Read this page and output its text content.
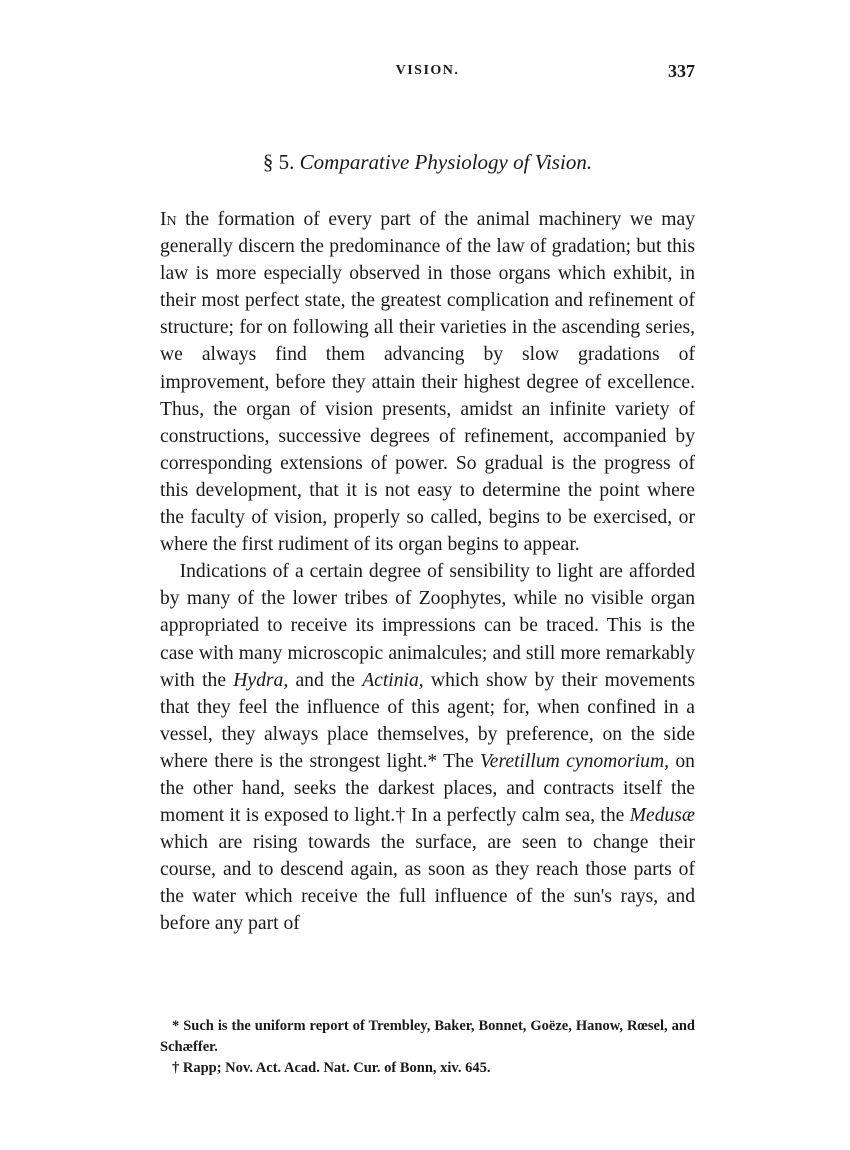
VISION.	337
§ 5. Comparative Physiology of Vision.

In the formation of every part of the animal machinery we may generally discern the predominance of the law of gradation; but this law is more especially observed in those organs which exhibit, in their most perfect state, the greatest complication and refinement of structure; for on following all their varieties in the ascending series, we always find them advancing by slow gradations of improvement, before they attain their highest degree of excellence. Thus, the organ of vision presents, amidst an infinite variety of constructions, successive degrees of refinement, accompanied by corresponding extensions of power. So gradual is the progress of this development, that it is not easy to determine the point where the faculty of vision, properly so called, begins to be exercised, or where the first rudiment of its organ begins to appear.

 Indications of a certain degree of sensibility to light are afforded by many of the lower tribes of Zoophytes, while no visible organ appropriated to receive its impressions can be traced. This is the case with many microscopic animalcules; and still more remarkably with the Hydra, and the Actinia, which show by their movements that they feel the influence of this agent; for, when confined in a vessel, they always place themselves, by preference, on the side where there is the strongest light.* The Veretillum cynomorium, on the other hand, seeks the darkest places, and contracts itself the moment it is exposed to light.† In a perfectly calm sea, the Medusæ which are rising towards the surface, are seen to change their course, and to descend again, as soon as they reach those parts of the water which receive the full influence of the sun's rays, and before any part of

* Such is the uniform report of Trembley, Baker, Bonnet, Goëze, Hanow, Rœsel, and Schæffer.

† Rapp; Nov. Act. Acad. Nat. Cur. of Bonn, xiv. 645.
